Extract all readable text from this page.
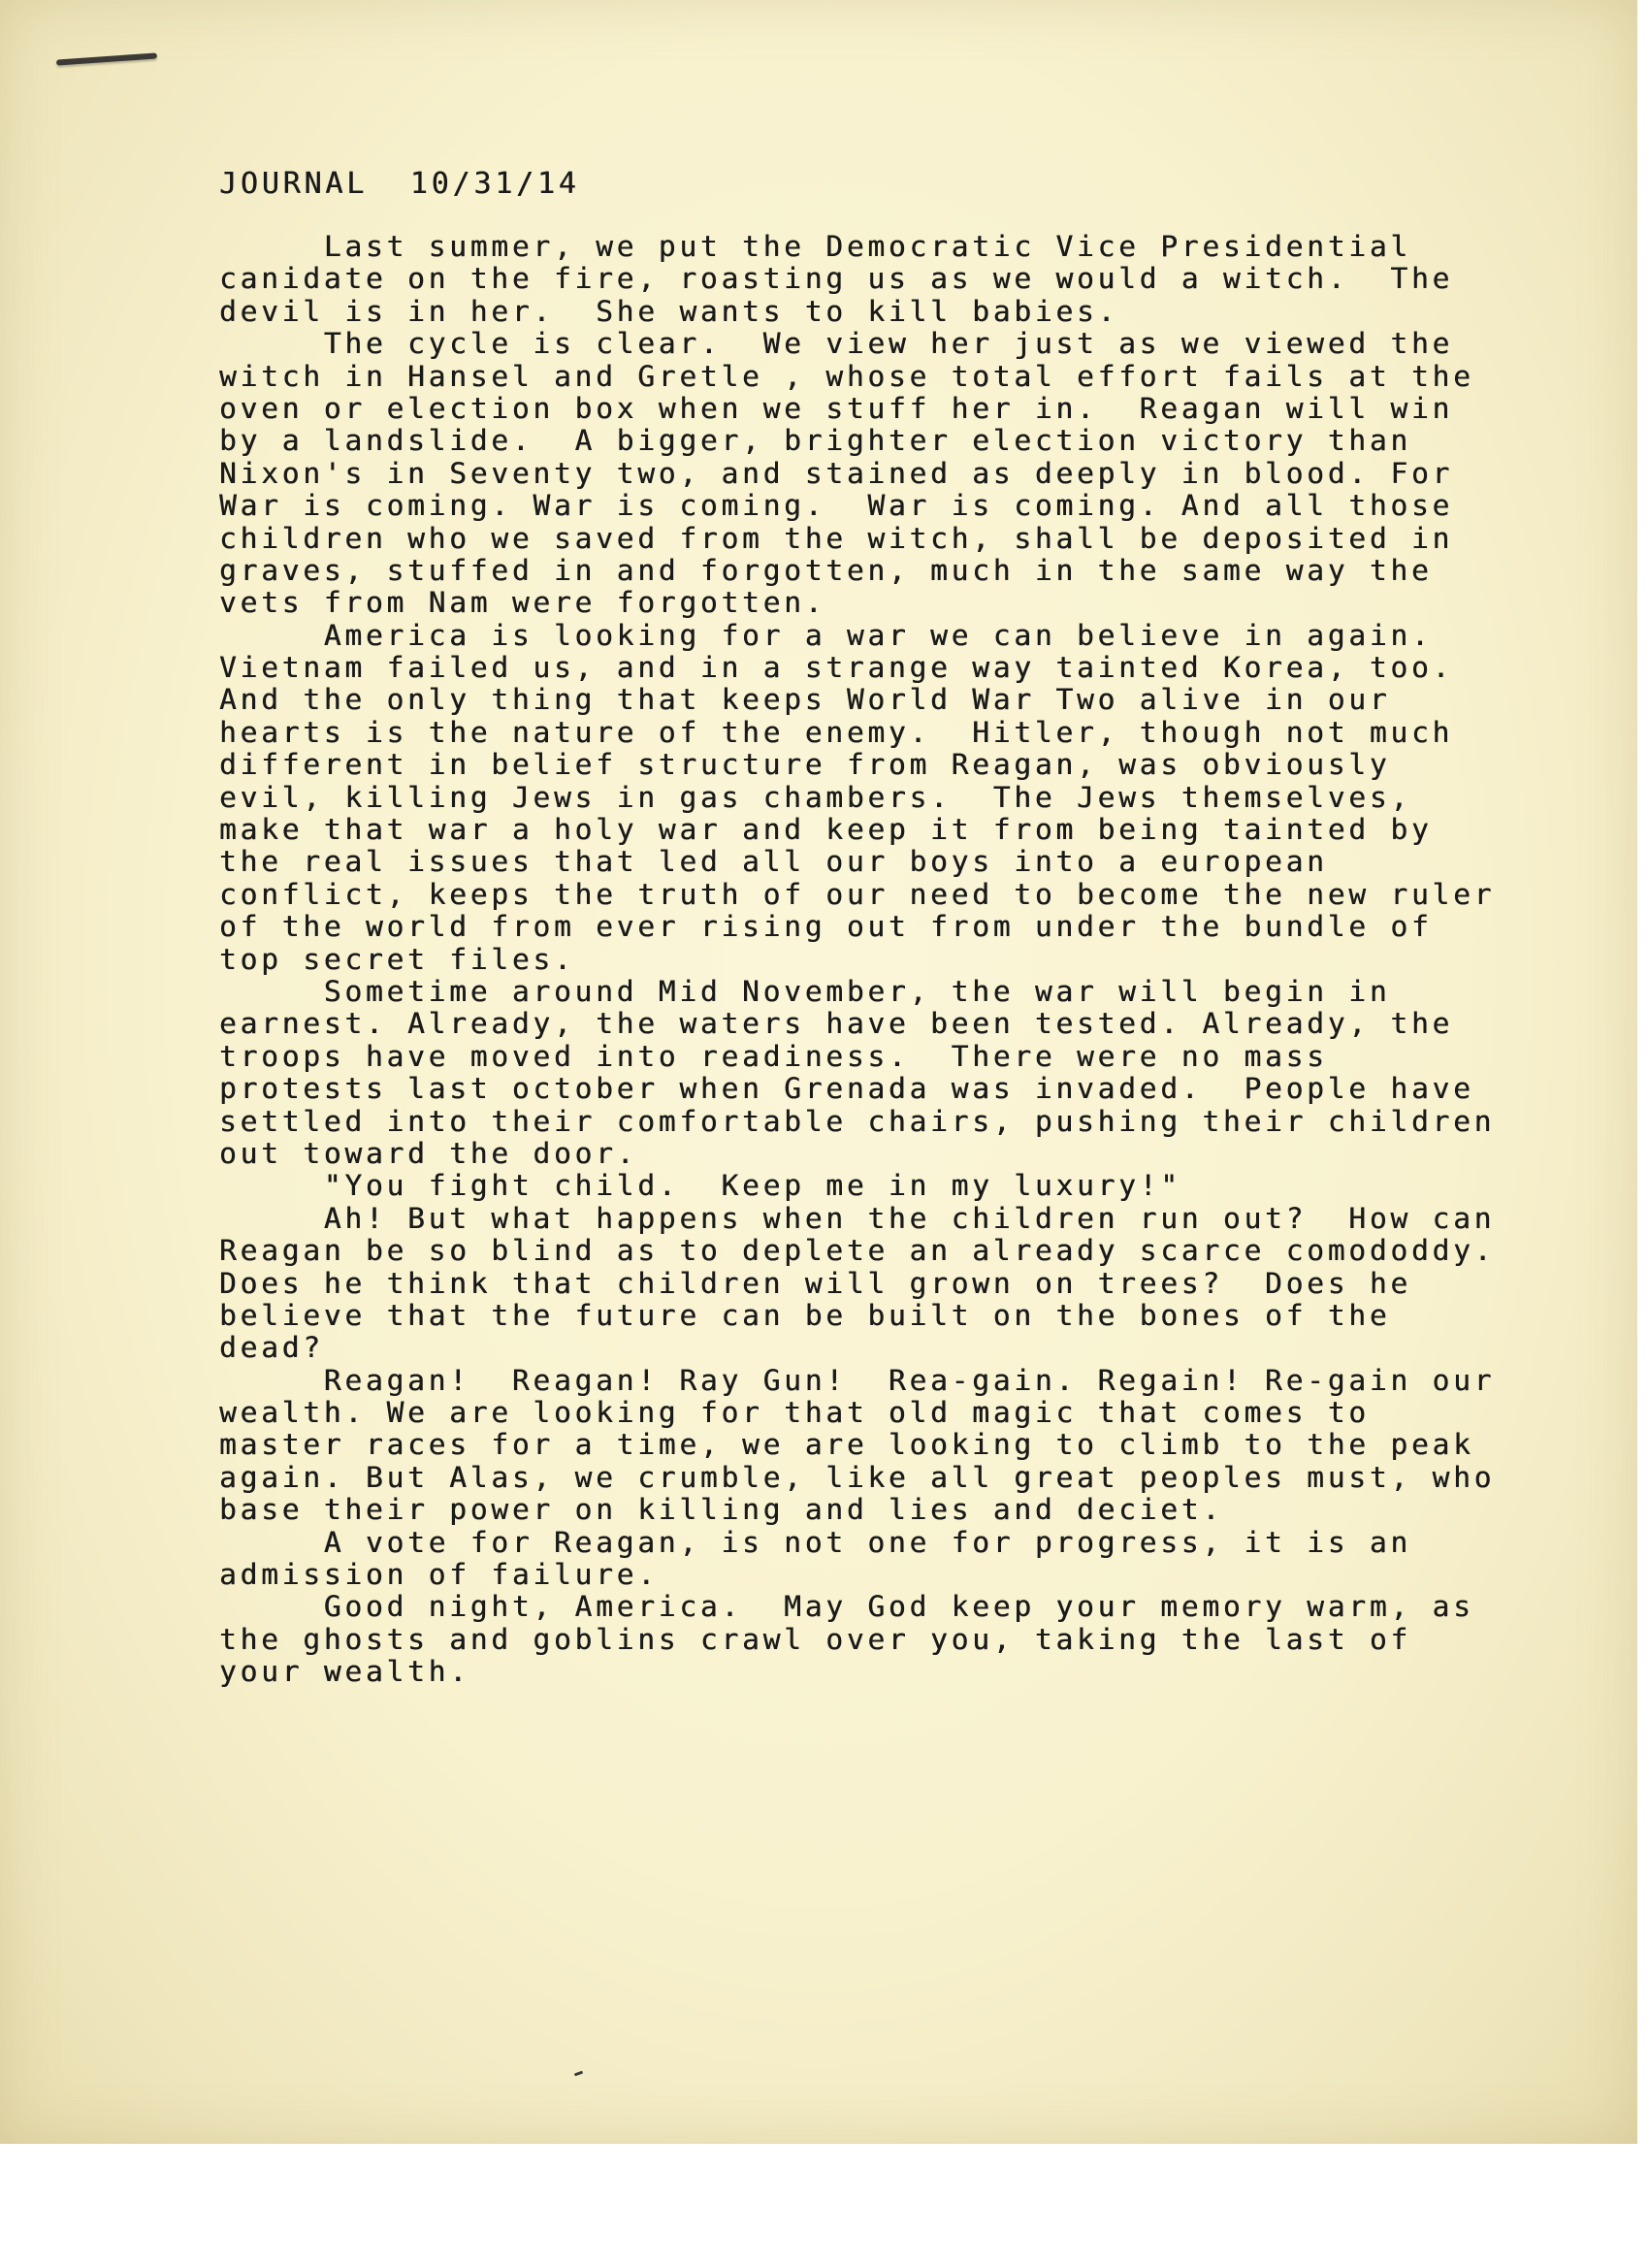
JOURNAL  10/31/14
Last summer, we put the Democratic Vice Presidential
canidate on the fire, roasting us as we would a witch.  The
devil is in her.  She wants to kill babies.
The cycle is clear.  We view her just as we viewed the
witch in Hansel and Gretle , whose total effort fails at the
oven or election box when we stuff her in.  Reagan will win
by a landslide.  A bigger, brighter election victory than
Nixon's in Seventy two, and stained as deeply in blood. For
War is coming. War is coming.  War is coming. And all those
children who we saved from the witch, shall be deposited in
graves, stuffed in and forgotten, much in the same way the
vets from Nam were forgotten.
America is looking for a war we can believe in again.
Vietnam failed us, and in a strange way tainted Korea, too.
And the only thing that keeps World War Two alive in our
hearts is the nature of the enemy.  Hitler, though not much
different in belief structure from Reagan, was obviously
evil, killing Jews in gas chambers.  The Jews themselves,
make that war a holy war and keep it from being tainted by
the real issues that led all our boys into a european
conflict, keeps the truth of our need to become the new ruler
of the world from ever rising out from under the bundle of
top secret files.
Sometime around Mid November, the war will begin in
earnest. Already, the waters have been tested. Already, the
troops have moved into readiness.  There were no mass
protests last october when Grenada was invaded.  People have
settled into their comfortable chairs, pushing their children
out toward the door.
"You fight child.  Keep me in my luxury!"
Ah! But what happens when the children run out?  How can
Reagan be so blind as to deplete an already scarce comododdy.
Does he think that children will grown on trees?  Does he
believe that the future can be built on the bones of the
dead?
Reagan!  Reagan! Ray Gun!  Rea-gain. Regain! Re-gain our
wealth. We are looking for that old magic that comes to
master races for a time, we are looking to climb to the peak
again. But Alas, we crumble, like all great peoples must, who
base their power on killing and lies and deciet.
A vote for Reagan, is not one for progress, it is an
admission of failure.
Good night, America.  May God keep your memory warm, as
the ghosts and goblins crawl over you, taking the last of
your wealth.
